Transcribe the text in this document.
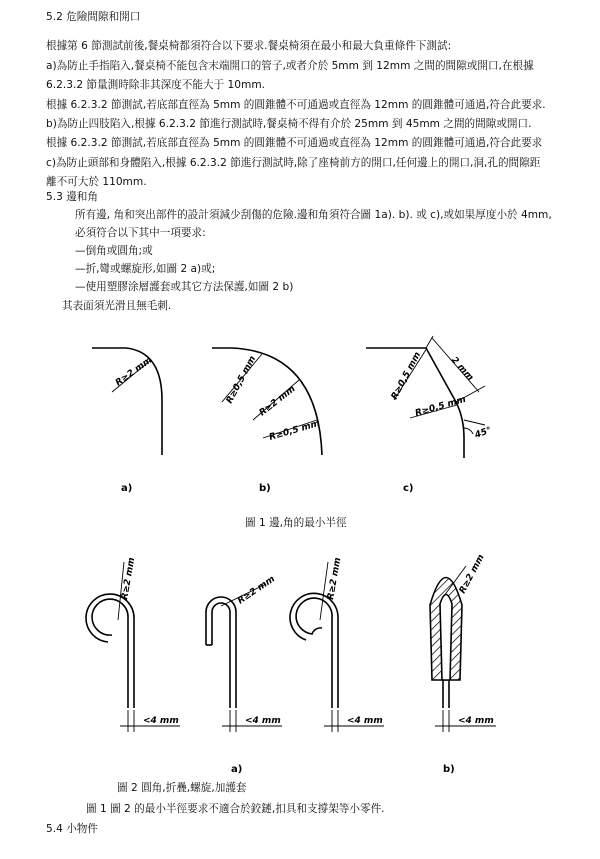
5.2 危險間隙和開口
根據第 6 節測試前後,餐桌椅都須符合以下要求.餐桌椅須在最小和最大負重條件下測試:
a)為防止手指陷入,餐桌椅不能包含末端開口的管子,或者介於 5mm 到 12mm 之間的間隙或開口,在根據
6.2.3.2 節量測時除非其深度不能大于 10mm.
根據 6.2.3.2 節測試,若底部直徑為 5mm 的圓錐體不可通過或直徑為 12mm 的圓錐體可通過,符合此要求.
b)為防止四肢陷入,根據 6.2.3.2 節進行測試時,餐桌椅不得有介於 25mm 到 45mm 之間的間隙或開口.
根據 6.2.3.2 節測試,若底部直徑為 5mm 的圓錐體不可通過或直徑為 12mm 的圓錐體可通過,符合此要求
c)為防止頭部和身體陷入,根據 6.2.3.2 節進行測試時,除了座椅前方的開口,任何邊上的開口,洞,孔的間隙距
離不可大於 110mm.
5.3 邊和角
所有邊, 角和突出部件的設計須減少刮傷的危險.邊和角須符合圖 1a). b). 或 c),或如果厚度小於 4mm,
必須符合以下其中一項要求:
—倒角或圓角;或
—折,彎或螺旋形,如圖 2 a)或;
—使用塑膠涂層護套或其它方法保護,如圖 2 b)
其表面須光滑且無毛刺.
R≥2 mm	R≥0,5 mm R≥2 mm
R≥0,5 mm
R≥0,5 mm	2 mm
R≥0,5 mm
45°
a)	b)	c)
R≥2 mm	R≥2 mm	R≥2 mm	R≥2 mm
<4 mm	<4 mm	<4 mm	<4 mm
a)	b)
圖 1 邊,角的最小半徑
圖 2 圓角,折疊,螺旋,加護套
圖 1 圖 2 的最小半徑要求不適合於鉸鏈,扣具和支撐架等小零件.
5.4 小物件
